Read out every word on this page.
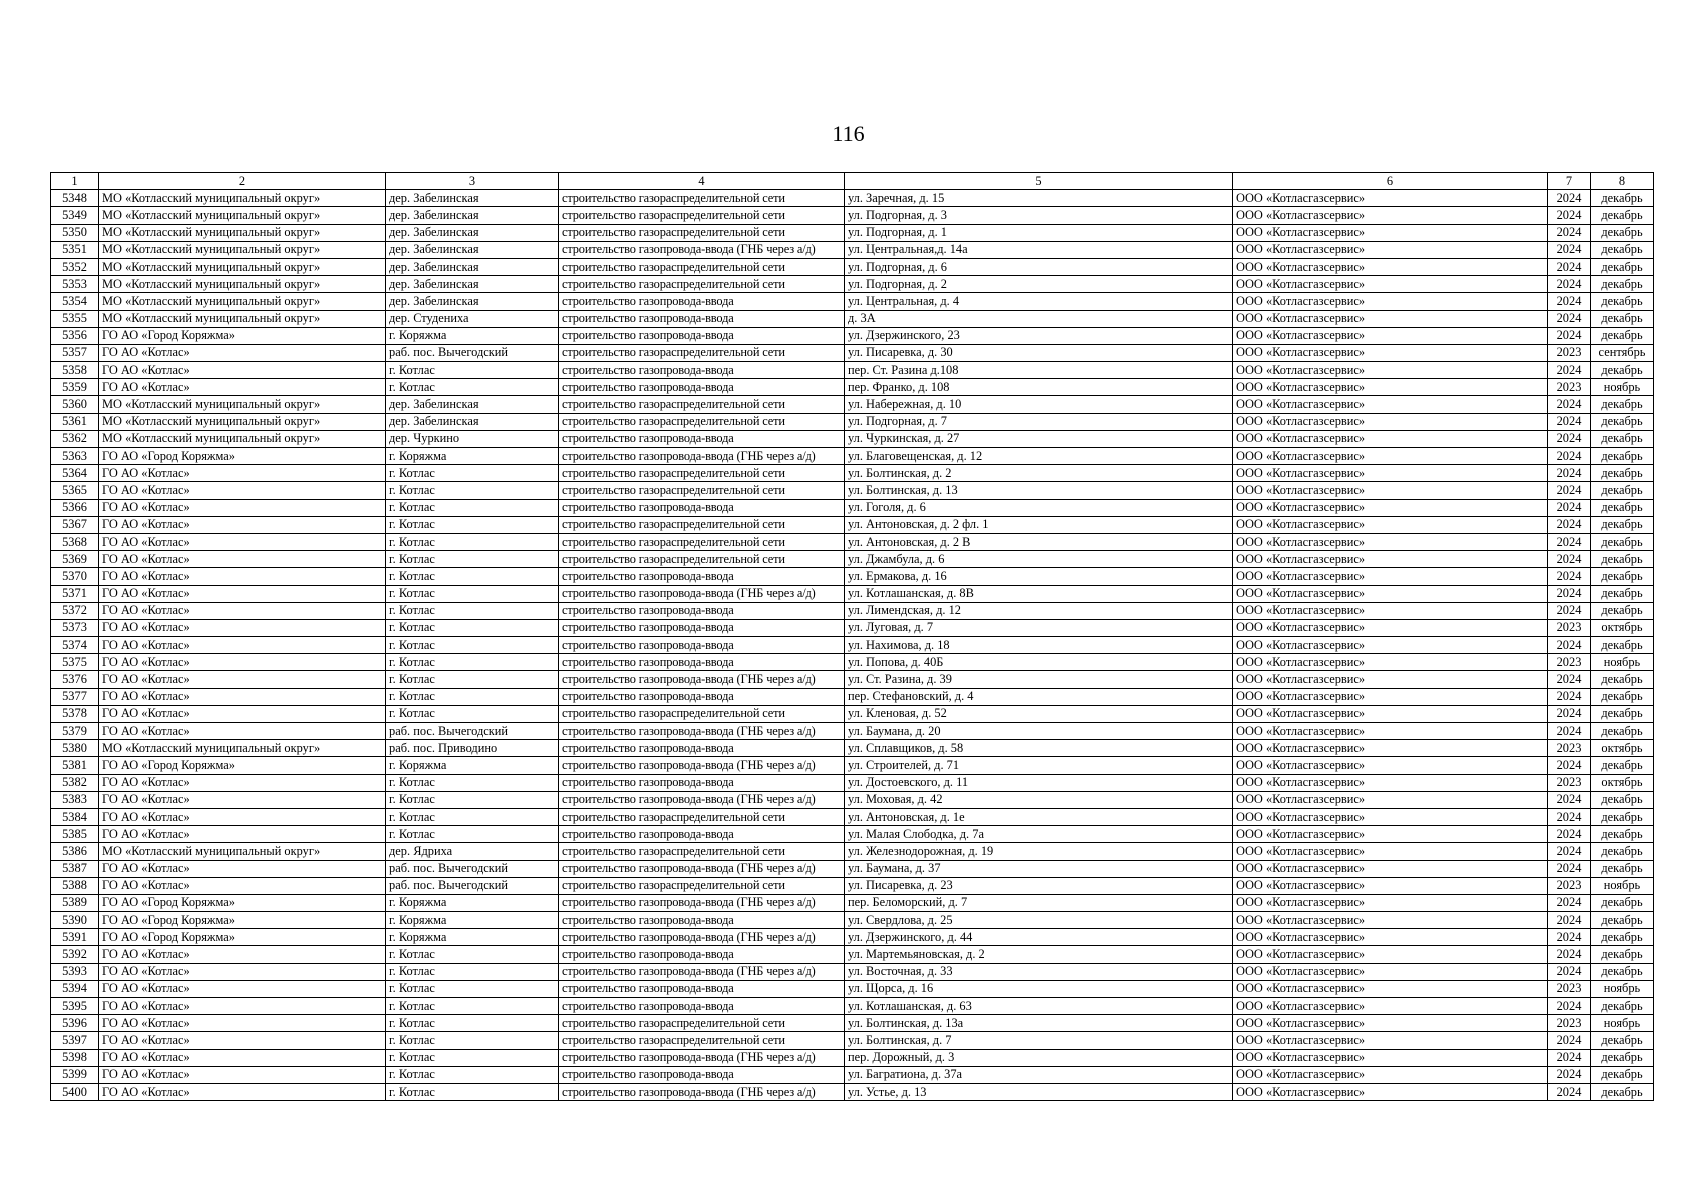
116
1	2	3	4	5	6	7	8
5348	МО «Котласский муниципальный округ»	дер. Забелинская	строительство газораспределительной сети	ул. Заречная, д. 15	ООО «Котласгазсервис»	2024	декабрь
5349	МО «Котласский муниципальный округ»	дер. Забелинская	строительство газораспределительной сети	ул. Подгорная, д. 3	ООО «Котласгазсервис»	2024	декабрь
5350	МО «Котласский муниципальный округ»	дер. Забелинская	строительство газораспределительной сети	ул. Подгорная, д. 1	ООО «Котласгазсервис»	2024	декабрь
5351	МО «Котласский муниципальный округ»	дер. Забелинская	строительство газопровода-ввода (ГНБ через а/д)	ул. Центральная,д. 14а	ООО «Котласгазсервис»	2024	декабрь
5352	МО «Котласский муниципальный округ»	дер. Забелинская	строительство газораспределительной сети	ул. Подгорная, д. 6	ООО «Котласгазсервис»	2024	декабрь
5353	МО «Котласский муниципальный округ»	дер. Забелинская	строительство газораспределительной сети	ул. Подгорная, д. 2	ООО «Котласгазсервис»	2024	декабрь
5354	МО «Котласский муниципальный округ»	дер. Забелинская	строительство газопровода-ввода	ул. Центральная, д. 4	ООО «Котласгазсервис»	2024	декабрь
5355	МО «Котласский муниципальный округ»	дер. Студениха	строительство газопровода-ввода	д. 3А	ООО «Котласгазсервис»	2024	декабрь
5356	ГО АО «Город Коряжма»	г. Коряжма	строительство газопровода-ввода	ул. Дзержинского, 23	ООО «Котласгазсервис»	2024	декабрь
5357	ГО АО «Котлас»	раб. пос. Вычегодский	строительство газораспределительной сети	ул. Писаревка, д. 30	ООО «Котласгазсервис»	2023	сентябрь
5358	ГО АО «Котлас»	г. Котлас	строительство газопровода-ввода	пер. Ст. Разина д.108	ООО «Котласгазсервис»	2024	декабрь
5359	ГО АО «Котлас»	г. Котлас	строительство газопровода-ввода	пер. Франко, д. 108	ООО «Котласгазсервис»	2023	ноябрь
5360	МО «Котласский муниципальный округ»	дер. Забелинская	строительство газораспределительной сети	ул. Набережная, д. 10	ООО «Котласгазсервис»	2024	декабрь
5361	МО «Котласский муниципальный округ»	дер. Забелинская	строительство газораспределительной сети	ул. Подгорная, д. 7	ООО «Котласгазсервис»	2024	декабрь
5362	МО «Котласский муниципальный округ»	дер. Чуркино	строительство газопровода-ввода	ул. Чуркинская, д. 27	ООО «Котласгазсервис»	2024	декабрь
5363	ГО АО «Город Коряжма»	г. Коряжма	строительство газопровода-ввода (ГНБ через а/д)	ул. Благовещенская, д. 12	ООО «Котласгазсервис»	2024	декабрь
5364	ГО АО «Котлас»	г. Котлас	строительство газораспределительной сети	ул. Болтинская, д. 2	ООО «Котласгазсервис»	2024	декабрь
5365	ГО АО «Котлас»	г. Котлас	строительство газораспределительной сети	ул. Болтинская, д. 13	ООО «Котласгазсервис»	2024	декабрь
5366	ГО АО «Котлас»	г. Котлас	строительство газопровода-ввода	ул. Гоголя, д. 6	ООО «Котласгазсервис»	2024	декабрь
5367	ГО АО «Котлас»	г. Котлас	строительство газораспределительной сети	ул. Антоновская, д. 2 фл. 1	ООО «Котласгазсервис»	2024	декабрь
5368	ГО АО «Котлас»	г. Котлас	строительство газораспределительной сети	ул. Антоновская, д. 2 В	ООО «Котласгазсервис»	2024	декабрь
5369	ГО АО «Котлас»	г. Котлас	строительство газораспределительной сети	ул. Джамбула, д. 6	ООО «Котласгазсервис»	2024	декабрь
5370	ГО АО «Котлас»	г. Котлас	строительство газопровода-ввода	ул. Ермакова, д. 16	ООО «Котласгазсервис»	2024	декабрь
5371	ГО АО «Котлас»	г. Котлас	строительство газопровода-ввода (ГНБ через а/д)	ул. Котлашанская, д. 8В	ООО «Котласгазсервис»	2024	декабрь
5372	ГО АО «Котлас»	г. Котлас	строительство газопровода-ввода	ул. Лимендская, д. 12	ООО «Котласгазсервис»	2024	декабрь
5373	ГО АО «Котлас»	г. Котлас	строительство газопровода-ввода	ул. Луговая, д. 7	ООО «Котласгазсервис»	2023	октябрь
5374	ГО АО «Котлас»	г. Котлас	строительство газопровода-ввода	ул. Нахимова, д. 18	ООО «Котласгазсервис»	2024	декабрь
5375	ГО АО «Котлас»	г. Котлас	строительство газопровода-ввода	ул. Попова, д. 40Б	ООО «Котласгазсервис»	2023	ноябрь
5376	ГО АО «Котлас»	г. Котлас	строительство газопровода-ввода (ГНБ через а/д)	ул. Ст. Разина, д. 39	ООО «Котласгазсервис»	2024	декабрь
5377	ГО АО «Котлас»	г. Котлас	строительство газопровода-ввода	пер. Стефановский, д. 4	ООО «Котласгазсервис»	2024	декабрь
5378	ГО АО «Котлас»	г. Котлас	строительство газораспределительной сети	ул. Кленовая, д. 52	ООО «Котласгазсервис»	2024	декабрь
5379	ГО АО «Котлас»	раб. пос. Вычегодский	строительство газопровода-ввода (ГНБ через а/д)	ул. Баумана, д. 20	ООО «Котласгазсервис»	2024	декабрь
5380	МО «Котласский муниципальный округ»	раб. пос. Приводино	строительство газопровода-ввода	ул. Сплавщиков, д. 58	ООО «Котласгазсервис»	2023	октябрь
5381	ГО АО «Город Коряжма»	г. Коряжма	строительство газопровода-ввода (ГНБ через а/д)	ул. Строителей, д. 71	ООО «Котласгазсервис»	2024	декабрь
5382	ГО АО «Котлас»	г. Котлас	строительство газопровода-ввода	ул. Достоевского, д. 11	ООО «Котласгазсервис»	2023	октябрь
5383	ГО АО «Котлас»	г. Котлас	строительство газопровода-ввода (ГНБ через а/д)	ул. Моховая, д. 42	ООО «Котласгазсервис»	2024	декабрь
5384	ГО АО «Котлас»	г. Котлас	строительство газораспределительной сети	ул. Антоновская, д. 1е	ООО «Котласгазсервис»	2024	декабрь
5385	ГО АО «Котлас»	г. Котлас	строительство газопровода-ввода	ул. Малая Слободка, д. 7а	ООО «Котласгазсервис»	2024	декабрь
5386	МО «Котласский муниципальный округ»	дер. Ядриха	строительство газораспределительной сети	ул. Железнодорожная, д. 19	ООО «Котласгазсервис»	2024	декабрь
5387	ГО АО «Котлас»	раб. пос. Вычегодский	строительство газопровода-ввода (ГНБ через а/д)	ул. Баумана, д. 37	ООО «Котласгазсервис»	2024	декабрь
5388	ГО АО «Котлас»	раб. пос. Вычегодский	строительство газораспределительной сети	ул. Писаревка, д. 23	ООО «Котласгазсервис»	2023	ноябрь
5389	ГО АО «Город Коряжма»	г. Коряжма	строительство газопровода-ввода (ГНБ через а/д)	пер. Беломорский, д. 7	ООО «Котласгазсервис»	2024	декабрь
5390	ГО АО «Город Коряжма»	г. Коряжма	строительство газопровода-ввода	ул. Свердлова, д. 25	ООО «Котласгазсервис»	2024	декабрь
5391	ГО АО «Город Коряжма»	г. Коряжма	строительство газопровода-ввода (ГНБ через а/д)	ул. Дзержинского, д. 44	ООО «Котласгазсервис»	2024	декабрь
5392	ГО АО «Котлас»	г. Котлас	строительство газопровода-ввода	ул. Мартемьяновская, д. 2	ООО «Котласгазсервис»	2024	декабрь
5393	ГО АО «Котлас»	г. Котлас	строительство газопровода-ввода (ГНБ через а/д)	ул. Восточная, д. 33	ООО «Котласгазсервис»	2024	декабрь
5394	ГО АО «Котлас»	г. Котлас	строительство газопровода-ввода	ул. Щорса, д. 16	ООО «Котласгазсервис»	2023	ноябрь
5395	ГО АО «Котлас»	г. Котлас	строительство газопровода-ввода	ул. Котлашанская, д. 63	ООО «Котласгазсервис»	2024	декабрь
5396	ГО АО «Котлас»	г. Котлас	строительство газораспределительной сети	ул. Болтинская, д. 13а	ООО «Котласгазсервис»	2023	ноябрь
5397	ГО АО «Котлас»	г. Котлас	строительство газораспределительной сети	ул. Болтинская, д. 7	ООО «Котласгазсервис»	2024	декабрь
5398	ГО АО «Котлас»	г. Котлас	строительство газопровода-ввода (ГНБ через а/д)	пер. Дорожный, д. 3	ООО «Котласгазсервис»	2024	декабрь
5399	ГО АО «Котлас»	г. Котлас	строительство газопровода-ввода	ул. Багратиона, д. 37а	ООО «Котласгазсервис»	2024	декабрь
5400	ГО АО «Котлас»	г. Котлас	строительство газопровода-ввода (ГНБ через а/д)	ул. Устье, д. 13	ООО «Котласгазсервис»	2024	декабрь
